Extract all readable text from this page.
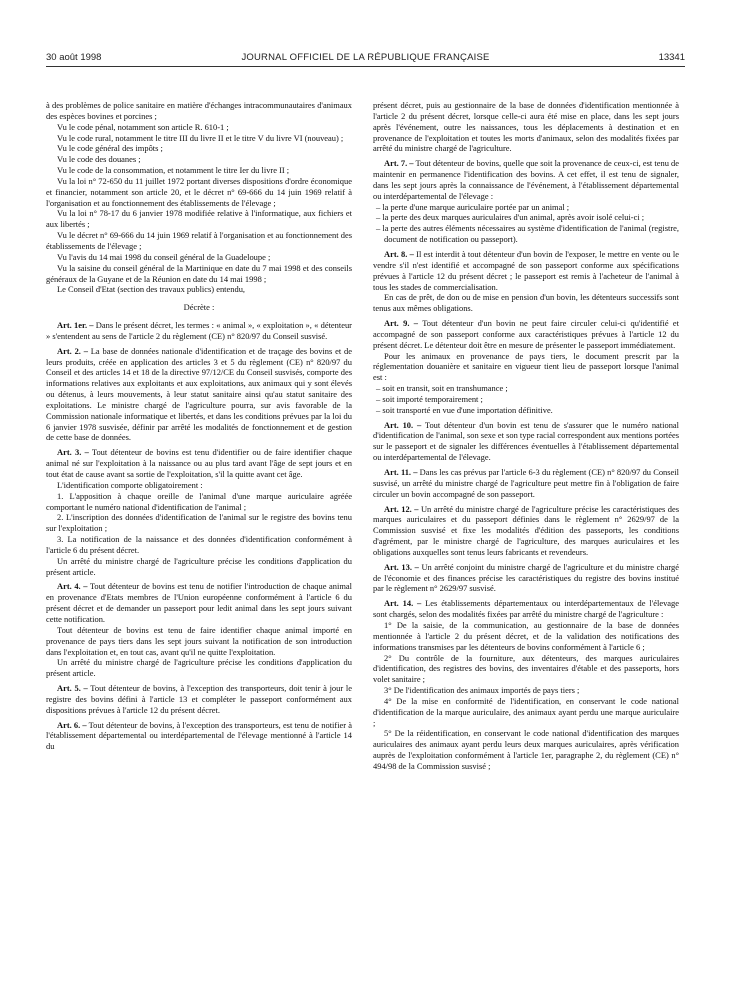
30 août 1998	JOURNAL OFFICIEL DE LA RÉPUBLIQUE FRANÇAISE	13341

à des problèmes de police sanitaire en matière d'échanges intracommunautaires d'animaux des espèces bovines et porcines ;

Vu le code pénal, notamment son article R. 610-1 ;

Vu le code rural, notamment le titre III du livre II et le titre V du livre VI (nouveau) ;

Vu le code général des impôts ;

Vu le code des douanes ;

Vu le code de la consommation, et notamment le titre Ier du livre II ;

Vu la loi n° 72-650 du 11 juillet 1972 portant diverses dispositions d'ordre économique et financier, notamment son article 20, et le décret n° 69-666 du 14 juin 1969 relatif à l'organisation et au fonctionnement des établissements de l'élevage ;

Vu la loi n° 78-17 du 6 janvier 1978 modifiée relative à l'informatique, aux fichiers et aux libertés ;

Vu le décret n° 69-666 du 14 juin 1969 relatif à l'organisation et au fonctionnement des établissements de l'élevage ;

Vu l'avis du 14 mai 1998 du conseil général de la Guadeloupe ;

Vu la saisine du conseil général de la Martinique en date du 7 mai 1998 et des conseils généraux de la Guyane et de la Réunion en date du 14 mai 1998 ;

Le Conseil d'Etat (section des travaux publics) entendu,

Décrète :

Art. 1er. – Dans le présent décret, les termes : « animal », « exploitation », « détenteur » s'entendent au sens de l'article 2 du règlement (CE) n° 820/97 du Conseil susvisé.

Art. 2. – La base de données nationale d'identification et de traçage des bovins et de leurs produits, créée en application des articles 3 et 5 du règlement (CE) n° 820/97 du Conseil et des articles 14 et 18 de la directive 97/12/CE du Conseil susvisés, comporte des informations relatives aux exploitants et aux exploitations, aux animaux qui y sont élevés ou détenus, à leurs mouvements, à leur statut sanitaire ainsi qu'au statut sanitaire des exploitations. Le ministre chargé de l'agriculture pourra, sur avis favorable de la Commission nationale informatique et libertés, et dans les conditions prévues par la loi du 6 janvier 1978 susvisée, définir par arrêté les modalités de fonctionnement et de gestion de cette base de données.

Art. 3. – Tout détenteur de bovins est tenu d'identifier ou de faire identifier chaque animal né sur l'exploitation à la naissance ou au plus tard avant l'âge de sept jours et en tout état de cause avant sa sortie de l'exploitation, s'il la quitte avant cet âge.

L'identification comporte obligatoirement :

1. L'apposition à chaque oreille de l'animal d'une marque auriculaire agréée comportant le numéro national d'identification de l'animal ;

2. L'inscription des données d'identification de l'animal sur le registre des bovins tenu sur l'exploitation ;

3. La notification de la naissance et des données d'identification conformément à l'article 6 du présent décret.

Un arrêté du ministre chargé de l'agriculture précise les conditions d'application du présent article.

Art. 4. – Tout détenteur de bovins est tenu de notifier l'introduction de chaque animal en provenance d'Etats membres de l'Union européenne conformément à l'article 6 du présent décret et de demander un passeport pour ledit animal dans les sept jours suivant cette notification.

Tout détenteur de bovins est tenu de faire identifier chaque animal importé en provenance de pays tiers dans les sept jours suivant la notification de son introduction dans l'exploitation et, en tout cas, avant qu'il ne quitte l'exploitation.

Un arrêté du ministre chargé de l'agriculture précise les conditions d'application du présent article.

Art. 5. – Tout détenteur de bovins, à l'exception des transporteurs, doit tenir à jour le registre des bovins défini à l'article 13 et compléter le passeport conformément aux dispositions prévues à l'article 12 du présent décret.

Art. 6. – Tout détenteur de bovins, à l'exception des transporteurs, est tenu de notifier à l'établissement départemental ou interdépartemental de l'élevage mentionné à l'article 14 du

présent décret, puis au gestionnaire de la base de données d'identification mentionnée à l'article 2 du présent décret, lorsque celle-ci aura été mise en place, dans les sept jours après l'événement, outre les naissances, tous les déplacements à destination et en provenance de l'exploitation et toutes les morts d'animaux, selon des modalités fixées par arrêté du ministre chargé de l'agriculture.

Art. 7. – Tout détenteur de bovins, quelle que soit la provenance de ceux-ci, est tenu de maintenir en permanence l'identification des bovins. A cet effet, il est tenu de signaler, dans les sept jours après la connaissance de l'événement, à l'établissement départemental ou interdépartemental de l'élevage :

– la perte d'une marque auriculaire portée par un animal ;

– la perte des deux marques auriculaires d'un animal, après avoir isolé celui-ci ;

– la perte des autres éléments nécessaires au système d'identification de l'animal (registre, document de notification ou passeport).

Art. 8. – Il est interdit à tout détenteur d'un bovin de l'exposer, le mettre en vente ou le vendre s'il n'est identifié et accompagné de son passeport conforme aux spécifications prévues à l'article 12 du présent décret ; le passeport est remis à l'acheteur de l'animal à tous les stades de commercialisation.

En cas de prêt, de don ou de mise en pension d'un bovin, les détenteurs successifs sont tenus aux mêmes obligations.

Art. 9. – Tout détenteur d'un bovin ne peut faire circuler celui-ci qu'identifié et accompagné de son passeport conforme aux caractéristiques prévues à l'article 12 du présent décret. Le détenteur doit être en mesure de présenter le passeport immédiatement.

Pour les animaux en provenance de pays tiers, le document prescrit par la réglementation douanière et sanitaire en vigueur tient lieu de passeport lorsque l'animal est :

– soit en transit, soit en transhumance ;

– soit importé temporairement ;

– soit transporté en vue d'une importation définitive.

Art. 10. – Tout détenteur d'un bovin est tenu de s'assurer que le numéro national d'identification de l'animal, son sexe et son type racial correspondent aux mentions portées sur le passeport et de signaler les différences éventuelles à l'établissement départemental ou interdépartemental de l'élevage.

Art. 11. – Dans les cas prévus par l'article 6-3 du règlement (CE) n° 820/97 du Conseil susvisé, un arrêté du ministre chargé de l'agriculture peut mettre fin à l'obligation de faire circuler un bovin accompagné de son passeport.

Art. 12. – Un arrêté du ministre chargé de l'agriculture précise les caractéristiques des marques auriculaires et du passeport définies dans le règlement n° 2629/97 de la Commission susvisé et fixe les modalités d'édition des passeports, les conditions d'agrément, par le ministre chargé de l'agriculture, des marques auriculaires et les obligations auxquelles sont tenus leurs fabricants et revendeurs.

Art. 13. – Un arrêté conjoint du ministre chargé de l'agriculture et du ministre chargé de l'économie et des finances précise les caractéristiques du registre des bovins institué par le règlement n° 2629/97 susvisé.

Art. 14. – Les établissements départementaux ou interdépartementaux de l'élevage sont chargés, selon des modalités fixées par arrêté du ministre chargé de l'agriculture :

1° De la saisie, de la communication, au gestionnaire de la base de données mentionnée à l'article 2 du présent décret, et de la validation des notifications des informations transmises par les détenteurs de bovins conformément à l'article 6 ;

2° Du contrôle de la fourniture, aux détenteurs, des marques auriculaires d'identification, des registres des bovins, des inventaires d'étable et des passeports, hors volet sanitaire ;

3° De l'identification des animaux importés de pays tiers ;

4° De la mise en conformité de l'identification, en conservant le code national d'identification de la marque auriculaire, des animaux ayant perdu une marque auriculaire ;

5° De la réidentification, en conservant le code national d'identification des marques auriculaires des animaux ayant perdu leurs deux marques auriculaires, après vérification auprès de l'exploitation conformément à l'article 1er, paragraphe 2, du règlement (CE) n° 494/98 de la Commission susvisé ;
